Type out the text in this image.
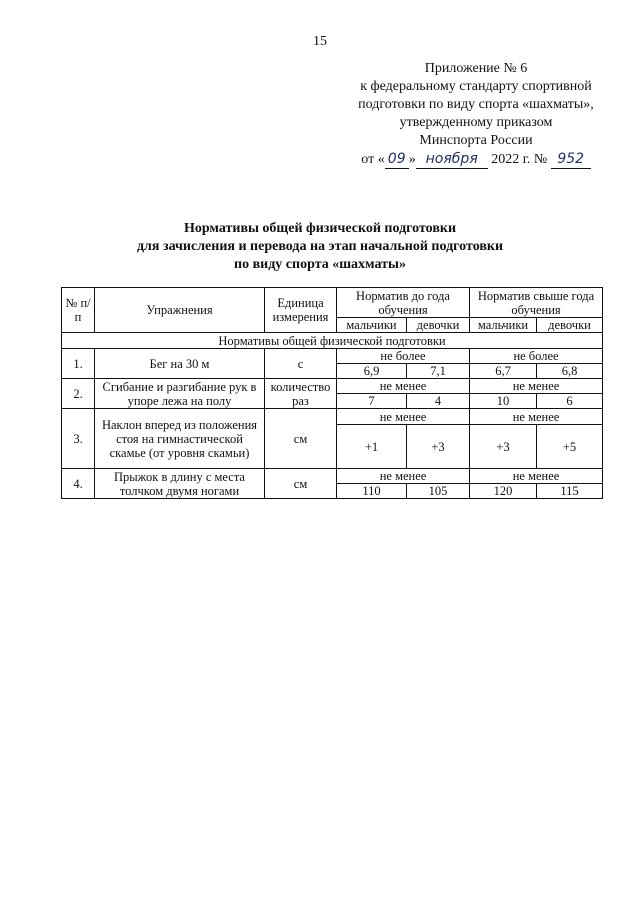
15
Приложение № 6
к федеральному стандарту спортивной
подготовки по виду спорта «шахматы»,
утвержденному приказом
Минспорта России
от « 09 » ноября 2022 г. № 952
Нормативы общей физической подготовки
для зачисления и перевода на этап начальной подготовки
по виду спорта «шахматы»
№ п/п	Упражнения	Единица измерения	Норматив до года обучения		Норматив свыше года обучения	
			мальчики	девочки	мальчики	девочки
Нормативы общей физической подготовки						
1.	Бег на 30 м	с	не более		не более	
			6,9	7,1	6,7	6,8
2.	Сгибание и разгибание рук в упоре лежа на полу	количество раз	не менее		не менее	
			7	4	10	6
3.	Наклон вперед из положения стоя на гимнастической скамье (от уровня скамьи)	см	не менее		не менее	
			+1	+3	+3	+5
4.	Прыжок в длину с места толчком двумя ногами	см	не менее		не менее	
			110	105	120	115
